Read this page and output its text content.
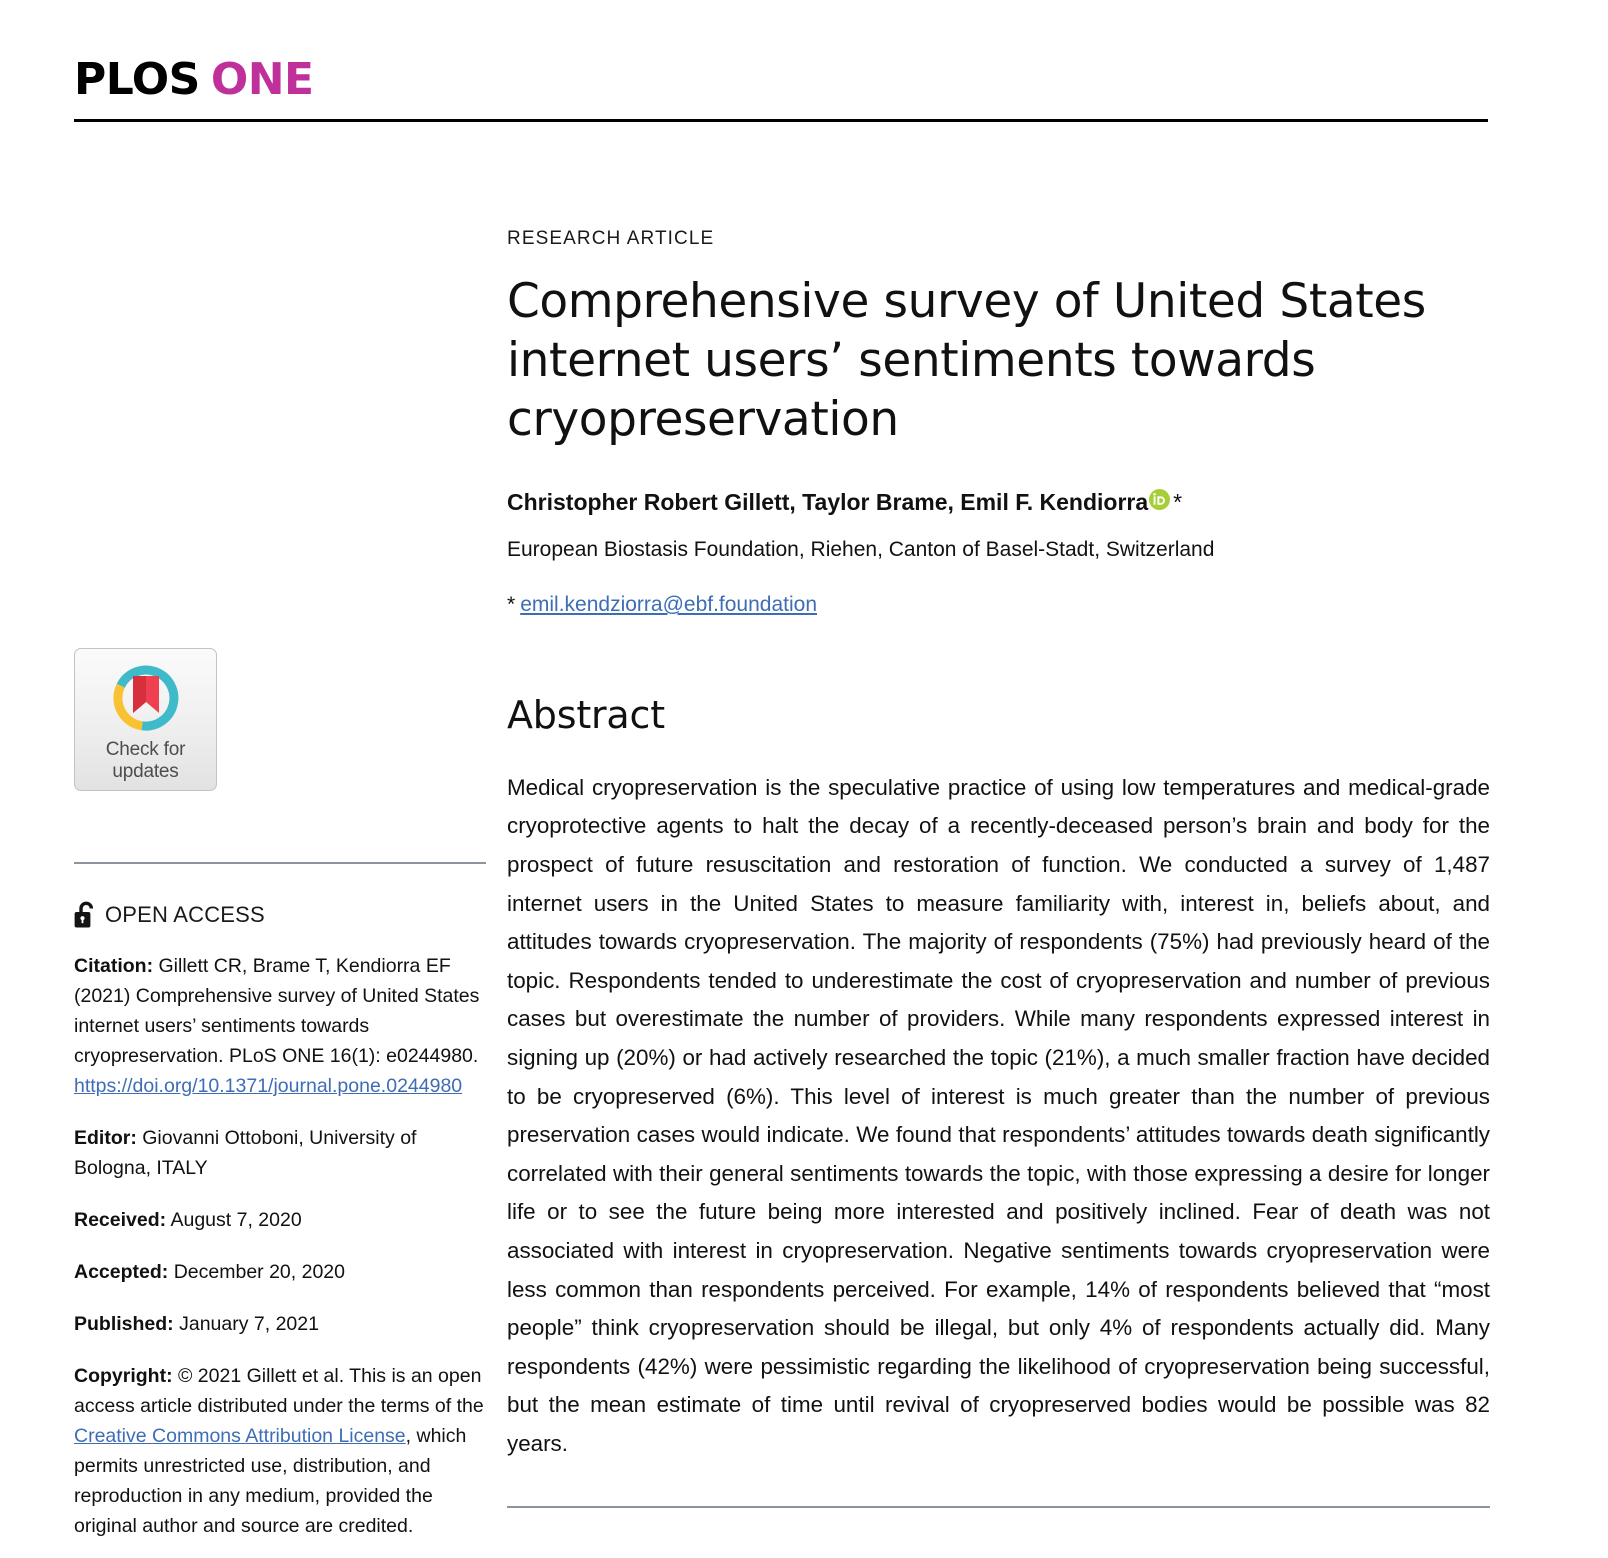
PLOS ONE
Check for
updates
OPEN ACCESS
Citation: Gillett CR, Brame T, Kendiorra EF (2021) Comprehensive survey of United States internet users’ sentiments towards cryopreservation. PLoS ONE 16(1): e0244980. https://doi.org/10.1371/journal.pone.0244980
Editor: Giovanni Ottoboni, University of Bologna, ITALY
Received: August 7, 2020
Accepted: December 20, 2020
Published: January 7, 2021
Copyright: © 2021 Gillett et al. This is an open access article distributed under the terms of the Creative Commons Attribution License, which permits unrestricted use, distribution, and reproduction in any medium, provided the original author and source are credited.
RESEARCH ARTICLE
Comprehensive survey of United States internet users’ sentiments towards cryopreservation
Christopher Robert Gillett, Taylor Brame, Emil F. Kendiorra *
European Biostasis Foundation, Riehen, Canton of Basel-Stadt, Switzerland
* emil.kendziorra@ebf.foundation
Abstract
Medical cryopreservation is the speculative practice of using low temperatures and medical-grade cryoprotective agents to halt the decay of a recently-deceased person’s brain and body for the prospect of future resuscitation and restoration of function. We conducted a survey of 1,487 internet users in the United States to measure familiarity with, interest in, beliefs about, and attitudes towards cryopreservation. The majority of respondents (75%) had previously heard of the topic. Respondents tended to underestimate the cost of cryopreservation and number of previous cases but overestimate the number of providers. While many respondents expressed interest in signing up (20%) or had actively researched the topic (21%), a much smaller fraction have decided to be cryopreserved (6%). This level of interest is much greater than the number of previous preservation cases would indicate. We found that respondents’ attitudes towards death significantly correlated with their general sentiments towards the topic, with those expressing a desire for longer life or to see the future being more interested and positively inclined. Fear of death was not associated with interest in cryopreservation. Negative sentiments towards cryopreservation were less common than respondents perceived. For example, 14% of respondents believed that “most people” think cryopreservation should be illegal, but only 4% of respondents actually did. Many respondents (42%) were pessimistic regarding the likelihood of cryopreservation being successful, but the mean estimate of time until revival of cryopreserved bodies would be possible was 82 years.
